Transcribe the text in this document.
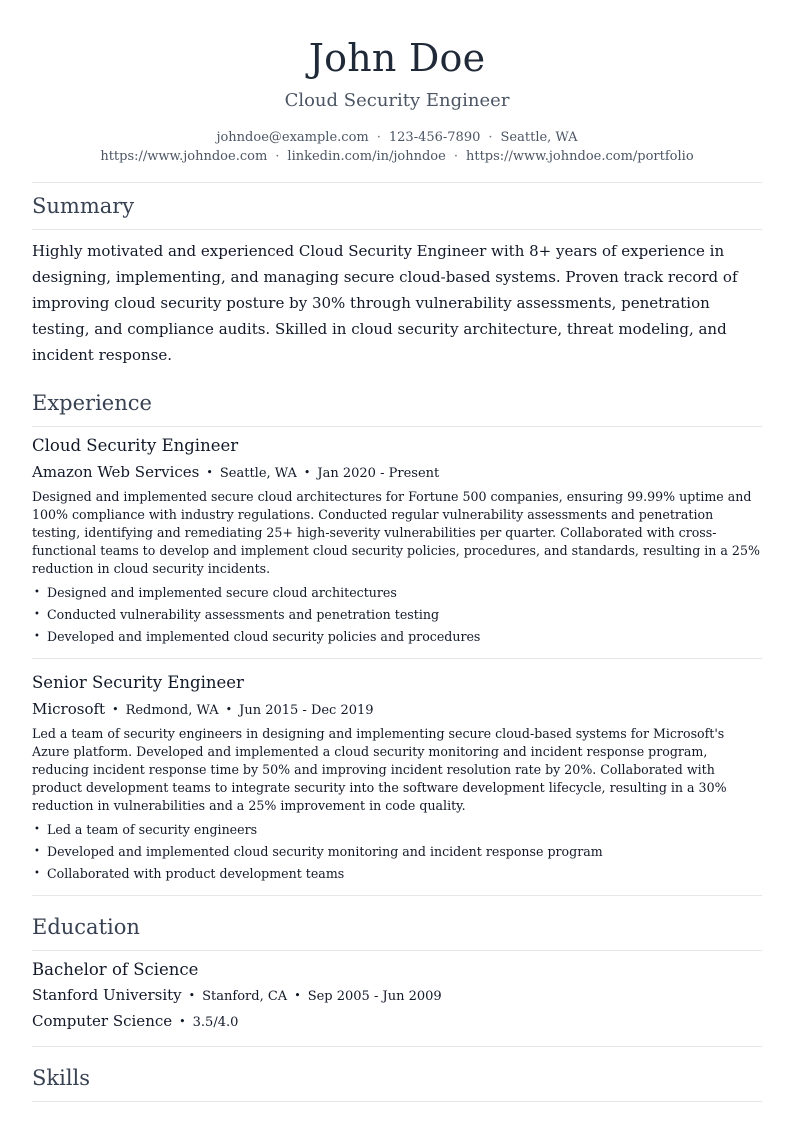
John Doe
Cloud Security Engineer
johndoe@example.com · 123-456-7890 · Seattle, WA
https://www.johndoe.com · linkedin.com/in/johndoe · https://www.johndoe.com/portfolio
Summary

Highly motivated and experienced Cloud Security Engineer with 8+ years of experience in designing, implementing, and managing secure cloud-based systems. Proven track record of improving cloud security posture by 30% through vulnerability assessments, penetration testing, and compliance audits. Skilled in cloud security architecture, threat modeling, and incident response.

Experience
Cloud Security Engineer
Amazon Web Services • Seattle, WA • Jan 2020 - Present
Designed and implemented secure cloud architectures for Fortune 500 companies, ensuring 99.99% uptime and 100% compliance with industry regulations. Conducted regular vulnerability assessments and penetration testing, identifying and remediating 25+ high-severity vulnerabilities per quarter. Collaborated with cross-functional teams to develop and implement cloud security policies, procedures, and standards, resulting in a 25% reduction in cloud security incidents.
• Designed and implemented secure cloud architectures
• Conducted vulnerability assessments and penetration testing
• Developed and implemented cloud security policies and procedures
Senior Security Engineer
Microsoft • Redmond, WA • Jun 2015 - Dec 2019
Led a team of security engineers in designing and implementing secure cloud-based systems for Microsoft's Azure platform. Developed and implemented a cloud security monitoring and incident response program, reducing incident response time by 50% and improving incident resolution rate by 20%. Collaborated with product development teams to integrate security into the software development lifecycle, resulting in a 30% reduction in vulnerabilities and a 25% improvement in code quality.
• Led a team of security engineers
• Developed and implemented cloud security monitoring and incident response program
• Collaborated with product development teams
Education
Bachelor of Science
Stanford University • Stanford, CA • Sep 2005 - Jun 2009
Computer Science • 3.5/4.0
Skills
